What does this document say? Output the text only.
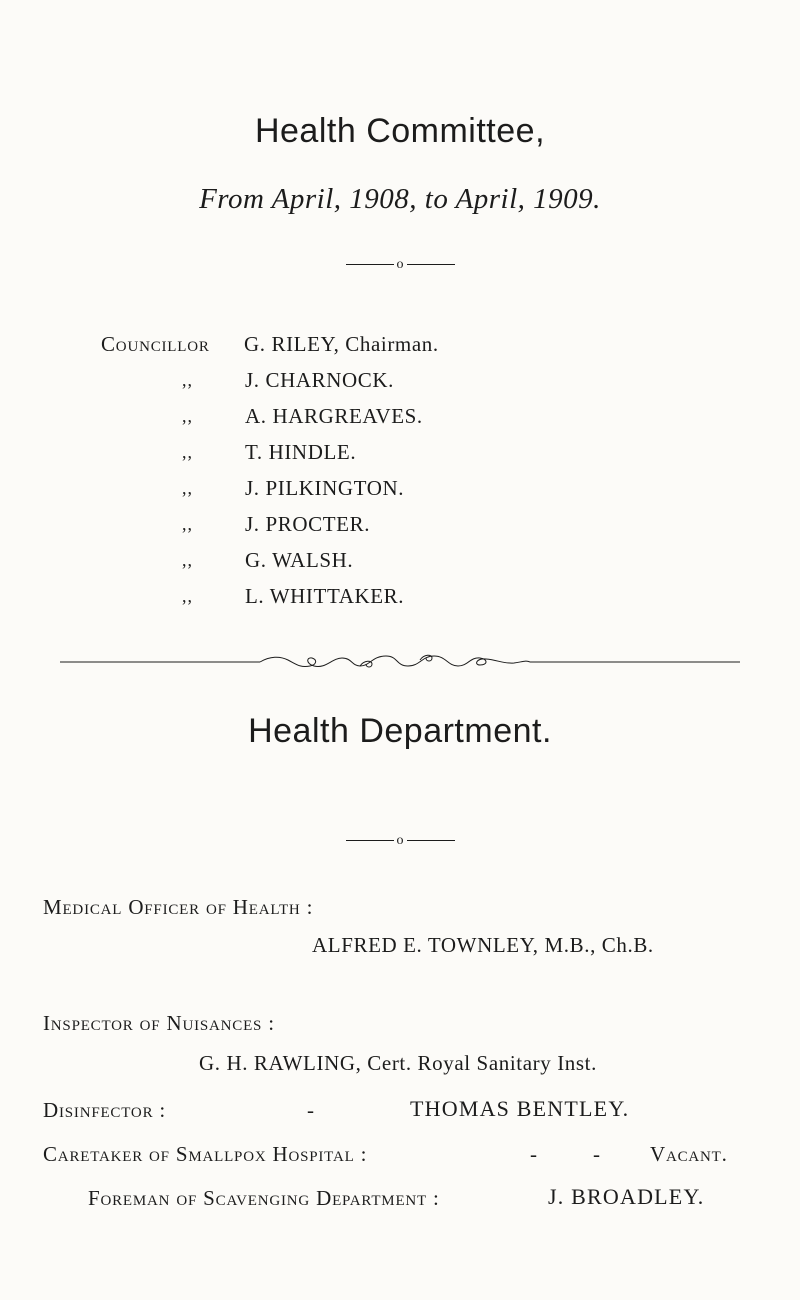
Health Committee,
From April, 1908, to April, 1909.
o
Councillor G. RILEY, Chairman.
,, J. CHARNOCK.
,, A. HARGREAVES.
,, T. HINDLE.
,, J. PILKINGTON.
,, J. PROCTER.
,, G. WALSH.
,, L. WHITTAKER.
Health Department.
o
Medical Officer of Health :
ALFRED E. TOWNLEY, M.B., Ch.B.
Inspector of Nuisances :
G. H. RAWLING, Cert. Royal Sanitary Inst.
Disinfector :	-	THOMAS BENTLEY.
Caretaker of Smallpox Hospital :	-	- Vacant.
Foreman of Scavenging Department :	J. BROADLEY.
